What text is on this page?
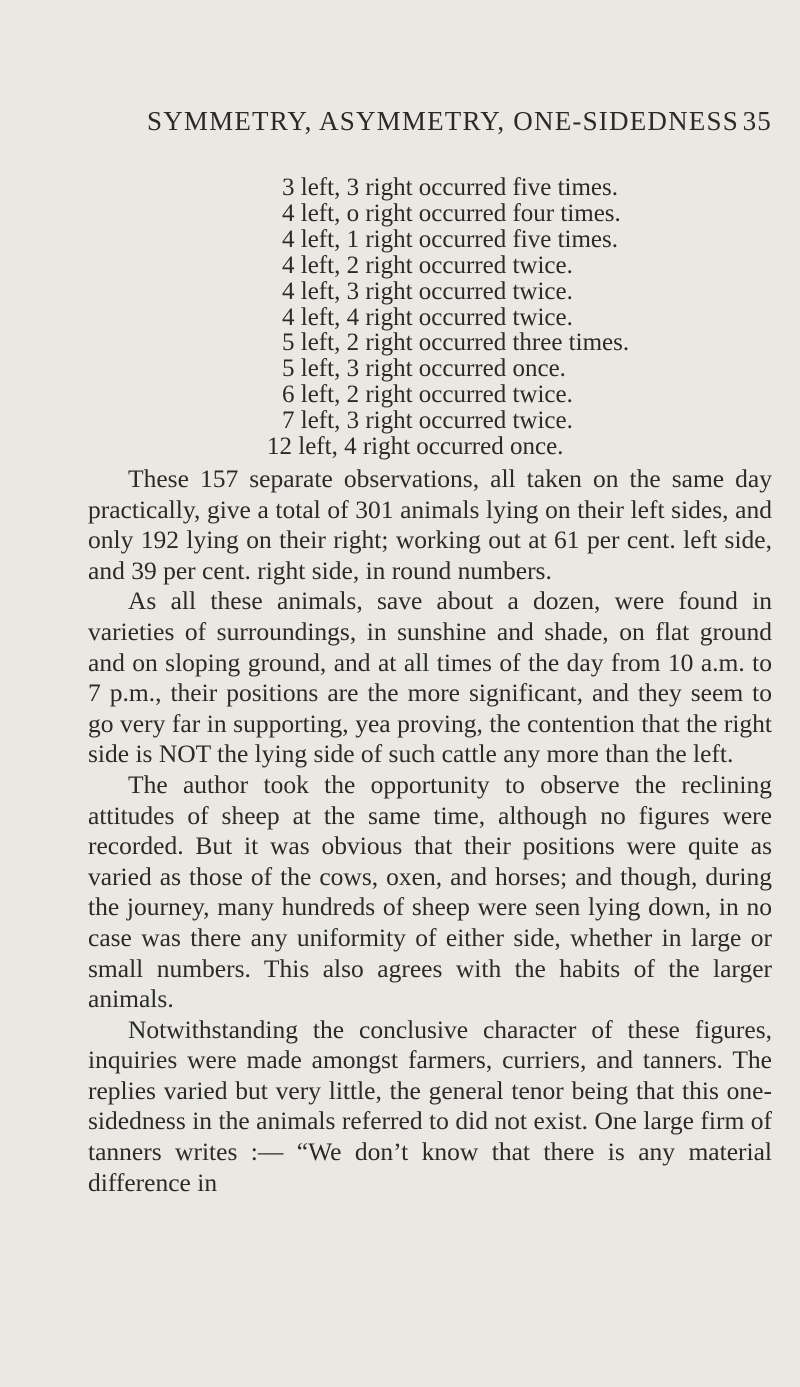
SYMMETRY, ASYMMETRY, ONE-SIDEDNESS 35
3 left, 3 right occurred five times.
4 left, o right occurred four times.
4 left, 1 right occurred five times.
4 left, 2 right occurred twice.
4 left, 3 right occurred twice.
4 left, 4 right occurred twice.
5 left, 2 right occurred three times.
5 left, 3 right occurred once.
6 left, 2 right occurred twice.
7 left, 3 right occurred twice.
12 left, 4 right occurred once.

These 157 separate observations, all taken on the same day practically, give a total of 301 animals lying on their left sides, and only 192 lying on their right; working out at 61 per cent. left side, and 39 per cent. right side, in round numbers.

As all these animals, save about a dozen, were found in varieties of surroundings, in sunshine and shade, on flat ground and on sloping ground, and at all times of the day from 10 a.m. to 7 p.m., their positions are the more significant, and they seem to go very far in supporting, yea proving, the contention that the right side is NOT the lying side of such cattle any more than the left.

The author took the opportunity to observe the reclining attitudes of sheep at the same time, although no figures were recorded. But it was obvious that their positions were quite as varied as those of the cows, oxen, and horses; and though, during the journey, many hundreds of sheep were seen lying down, in no case was there any uniformity of either side, whether in large or small numbers. This also agrees with the habits of the larger animals.

Notwithstanding the conclusive character of these figures, inquiries were made amongst farmers, curriers, and tanners. The replies varied but very little, the general tenor being that this one-sidedness in the animals referred to did not exist. One large firm of tanners writes :— “We don’t know that there is any material difference in
